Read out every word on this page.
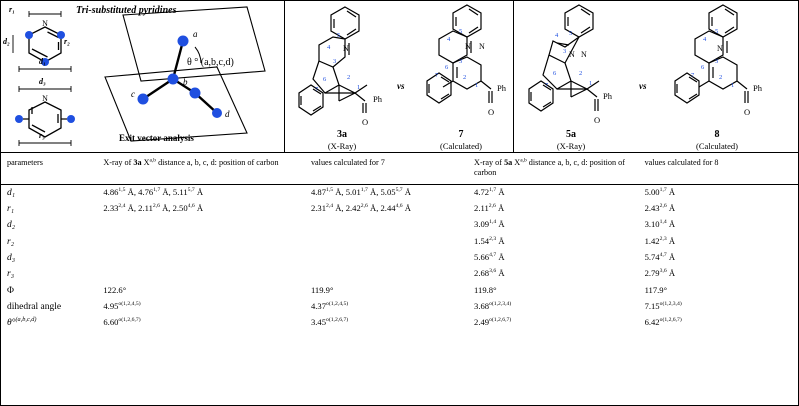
N
N
r₁
d₂	r₂
d₁
d₃
r₃
a
b
c
d
Tri-substituted pyridines
θ ° (a,b,c,d)
Exit vector analysis
O
Ph
N
4
5
3
2
1
6
7
3a
(X-Ray)
vs
O
Ph
N N
5
4
3
2
1
6
7
7
(Calculated)
N N
O
Ph
5
4
3
2
1
6
7
5a
(X-Ray)
vs
O
Ph
N
5
4
3
2
1
6
7
8
(Calculated)
parameters	X-ray of 3a X$^{a,b}$ distance a, b, c, d: position of carbon	values calculated for 7	X-ray of 5a X$^{a,b}$ distance a, b, c, d: position of carbon	values calculated for 8
d₁	4.86$^{1,5}$ Å, 4.76$^{1,7}$ Å, 5.11$^{5,7}$ Å	4.87$^{1,5}$ Å, 5.01$^{1,7}$ Å, 5.05$^{5,7}$ Å	4.72$^{1,7}$ Å	5.00$^{1,7}$ Å
r₁	2.33$^{2,4}$ Å, 2.11$^{2,6}$ Å, 2.50$^{4,6}$ Å	2.31$^{2,4}$ Å, 2.42$^{2,6}$ Å, 2.44$^{4,6}$ Å	2.11$^{2,6}$ Å	2.43$^{2,6}$ Å
d₂			3.09$^{1,4}$ Å	3.10$^{1,4}$ Å
r₂			1.54$^{2,3}$ Å	1.42$^{2,3}$ Å
d₃			5.66$^{4,7}$ Å	5.74$^{4,7}$ Å
r₃			2.68$^{3,6}$ Å	2.79$^{3,6}$ Å
Φ	122.6°	119.9°	119.8°	117.9°
dihedral angle	$4.95^{o(1,2,4,5)}$	$4.37^{o(1,2,4,5)}$	$3.68^{o(1,2,3,4)}$	$7.15^{o(1,2,3,4)}$
θ°$^{(a,b,c,d)}$	$6.60^{o(1,2,6,7)}$	$3.45^{o(1,2,6,7)}$	$2.49^{o(1,2,6,7)}$	$6.42^{o(1,2,6,7)}$
